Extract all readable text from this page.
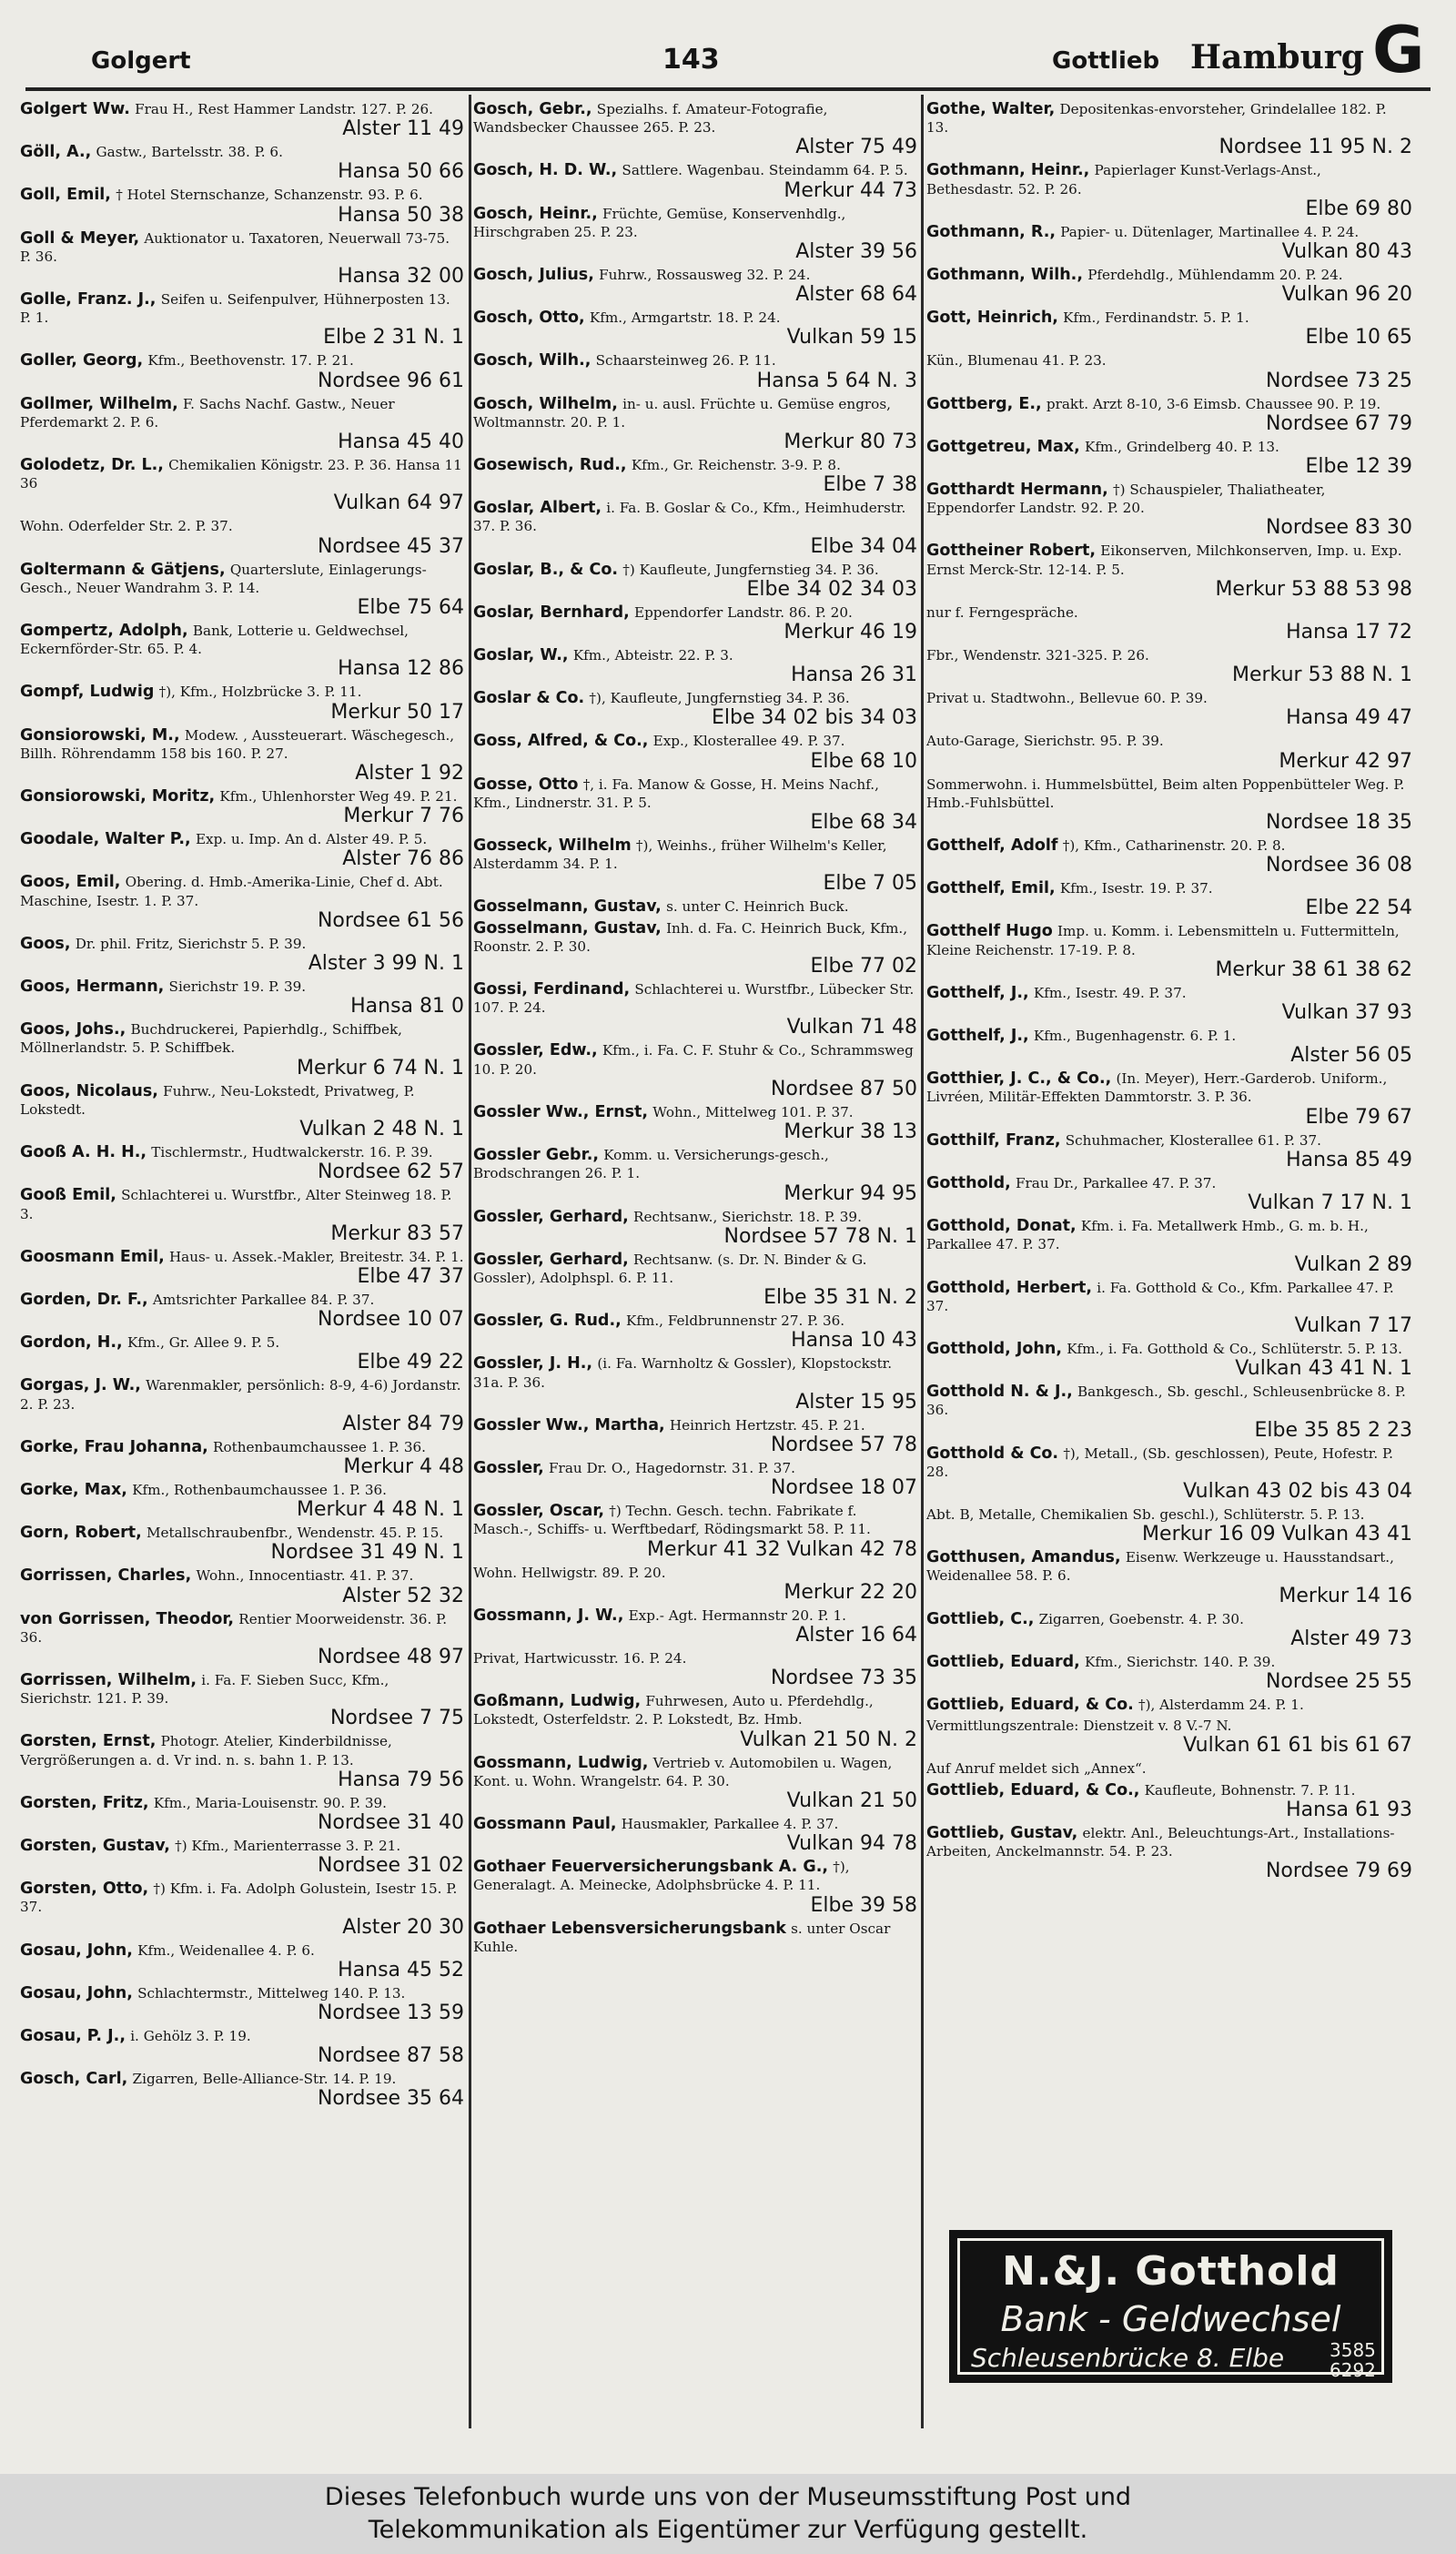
Golgert	143	Gottlieb Hamburg G
Golgert Ww. Frau H., Rest Hammer Landstr. 127. P. 26.
Alster 11 49
Göll, A., Gastw., Bartelsstr. 38. P. 6.
Hansa 50 66
Goll, Emil, † Hotel Sternschanze, Schanzenstr. 93. P. 6.
Hansa 50 38
Goll & Meyer, Auktionator u. Taxatoren, Neuerwall 73-75. P. 36.
Hansa 32 00
Golle, Franz. J., Seifen u. Seifenpulver, Hühnerposten 13. P. 1.
Elbe 2 31 N. 1
Goller, Georg, Kfm., Beethovenstr. 17. P. 21.
Nordsee 96 61
Gollmer, Wilhelm, F. Sachs Nachf. Gastw., Neuer Pferdemarkt 2. P. 6.
Hansa 45 40
Golodetz, Dr. L., Chemikalien Königstr. 23. P. 36. Hansa 11 36
Vulkan 64 97
Wohn. Oderfelder Str. 2. P. 37.
Nordsee 45 37
Goltermann & Gätjens, Quarterslute, Einlagerungs-Gesch., Neuer Wandrahm 3. P. 14.
Elbe 75 64
Gompertz, Adolph, Bank, Lotterie u. Geldwechsel, Eckernförder-Str. 65. P. 4.
Hansa 12 86
Gompf, Ludwig †), Kfm., Holzbrücke 3. P. 11.
Merkur 50 17
Gonsiorowski, M., Modew. , Aussteuerart. Wäschegesch., Billh. Röhrendamm 158 bis 160. P. 27.
Alster 1 92
Gonsiorowski, Moritz, Kfm., Uhlenhorster Weg 49. P. 21.
Merkur 7 76
Goodale, Walter P., Exp. u. Imp. An d. Alster 49. P. 5.
Alster 76 86
Goos, Emil, Obering. d. Hmb.-Amerika-Linie, Chef d. Abt. Maschine, Isestr. 1. P. 37.
Nordsee 61 56
Goos, Dr. phil. Fritz, Sierichstr 5. P. 39.
Alster 3 99 N. 1
Goos, Hermann, Sierichstr 19. P. 39.
Hansa 81 0
Goos, Johs., Buchdruckerei, Papierhdlg., Schiffbek, Möllnerlandstr. 5. P. Schiffbek.
Merkur 6 74 N. 1
Goos, Nicolaus, Fuhrw., Neu-Lokstedt, Privatweg, P. Lokstedt.
Vulkan 2 48 N. 1
Gooß A. H. H., Tischlermstr., Hudtwalckerstr. 16. P. 39.
Nordsee 62 57
Gooß Emil, Schlachterei u. Wurstfbr., Alter Steinweg 18. P. 3.
Merkur 83 57
Goosmann Emil, Haus- u. Assek.-Makler, Breitestr. 34. P. 1.
Elbe 47 37
Gorden, Dr. F., Amtsrichter Parkallee 84. P. 37.
Nordsee 10 07
Gordon, H., Kfm., Gr. Allee 9. P. 5.
Elbe 49 22
Gorgas, J. W., Warenmakler, persönlich: 8-9, 4-6) Jordanstr. 2. P. 23.
Alster 84 79
Gorke, Frau Johanna, Rothenbaumchaussee 1. P. 36.
Merkur 4 48
Gorke, Max, Kfm., Rothenbaumchaussee 1. P. 36.
Merkur 4 48 N. 1
Gorn, Robert, Metallschraubenfbr., Wendenstr. 45. P. 15.
Nordsee 31 49 N. 1
Gorrissen, Charles, Wohn., Innocentiastr. 41. P. 37.
Alster 52 32
von Gorrissen, Theodor, Rentier Moorweidenstr. 36. P. 36.
Nordsee 48 97
Gorrissen, Wilhelm, i. Fa. F. Sieben Succ, Kfm., Sierichstr. 121. P. 39.
Nordsee 7 75
Gorsten, Ernst, Photogr. Atelier, Kinderbildnisse, Vergrößerungen a. d. Vr ind. n. s. bahn 1. P. 13.
Hansa 79 56
Gorsten, Fritz, Kfm., Maria-Louisenstr. 90. P. 39.
Nordsee 31 40
Gorsten, Gustav, †) Kfm., Marienterrasse 3. P. 21.
Nordsee 31 02
Gorsten, Otto, †) Kfm. i. Fa. Adolph Golustein, Isestr 15. P. 37.
Alster 20 30
Gosau, John, Kfm., Weidenallee 4. P. 6.
Hansa 45 52
Gosau, John, Schlachtermstr., Mittelweg 140. P. 13.
Nordsee 13 59
Gosau, P. J., i. Gehölz 3. P. 19.
Nordsee 87 58
Gosch, Carl, Zigarren, Belle-Alliance-Str. 14. P. 19.
Nordsee 35 64
Gosch, Gebr., Spezialhs. f. Amateur-Fotografie, Wandsbecker Chaussee 265. P. 23.
Alster 75 49
Gosch, H. D. W., Sattlere. Wagenbau. Steindamm 64. P. 5.
Merkur 44 73
Gosch, Heinr., Früchte, Gemüse, Konservenhdlg., Hirschgraben 25. P. 23.
Alster 39 56
Gosch, Julius, Fuhrw., Rossausweg 32. P. 24.
Alster 68 64
Gosch, Otto, Kfm., Armgartstr. 18. P. 24.
Vulkan 59 15
Gosch, Wilh., Schaarsteinweg 26. P. 11.
Hansa 5 64 N. 3
Gosch, Wilhelm, in- u. ausl. Früchte u. Gemüse engros, Woltmannstr. 20. P. 1.
Merkur 80 73
Gosewisch, Rud., Kfm., Gr. Reichenstr. 3-9. P. 8.
Elbe 7 38
Goslar, Albert, i. Fa. B. Goslar & Co., Kfm., Heimhuderstr. 37. P. 36.
Elbe 34 04
Goslar, B., & Co. †) Kaufleute, Jungfernstieg 34. P. 36.
Elbe 34 02 34 03
Goslar, Bernhard, Eppendorfer Landstr. 86. P. 20.
Merkur 46 19
Goslar, W., Kfm., Abteistr. 22. P. 3.
Hansa 26 31
Goslar & Co. †), Kaufleute, Jungfernstieg 34. P. 36.
Elbe 34 02 bis 34 03
Goss, Alfred, & Co., Exp., Klosterallee 49. P. 37.
Elbe 68 10
Gosse, Otto †, i. Fa. Manow & Gosse, H. Meins Nachf., Kfm., Lindnerstr. 31. P. 5.
Elbe 68 34
Gosseck, Wilhelm †), Weinhs., früher Wilhelm's Keller, Alsterdamm 34. P. 1.
Elbe 7 05
Gosselmann, Gustav, s. unter C. Heinrich Buck.
Gosselmann, Gustav, Inh. d. Fa. C. Heinrich Buck, Kfm., Roonstr. 2. P. 30.
Elbe 77 02
Gossi, Ferdinand, Schlachterei u. Wurstfbr., Lübecker Str. 107. P. 24.
Vulkan 71 48
Gossler, Edw., Kfm., i. Fa. C. F. Stuhr & Co., Schrammsweg 10. P. 20.
Nordsee 87 50
Gossler Ww., Ernst, Wohn., Mittelweg 101. P. 37.
Merkur 38 13
Gossler Gebr., Komm. u. Versicherungs-gesch., Brodschrangen 26. P. 1.
Merkur 94 95
Gossler, Gerhard, Rechtsanw., Sierichstr. 18. P. 39.
Nordsee 57 78 N. 1
Gossler, Gerhard, Rechtsanw. (s. Dr. N. Binder & G. Gossler), Adolphspl. 6. P. 11.
Elbe 35 31 N. 2
Gossler, G. Rud., Kfm., Feldbrunnenstr 27. P. 36.
Hansa 10 43
Gossler, J. H., (i. Fa. Warnholtz & Gossler), Klopstockstr. 31a. P. 36.
Alster 15 95
Gossler Ww., Martha, Heinrich Hertzstr. 45. P. 21.
Nordsee 57 78
Gossler, Frau Dr. O., Hagedornstr. 31. P. 37.
Nordsee 18 07
Gossler, Oscar, †) Techn. Gesch. techn. Fabrikate f. Masch.-, Schiffs- u. Werftbedarf, Rödingsmarkt 58. P. 11.
Merkur 41 32 Vulkan 42 78
Wohn. Hellwigstr. 89. P. 20.
Merkur 22 20
Gossmann, J. W., Exp.- Agt. Hermannstr 20. P. 1.
Alster 16 64
Privat, Hartwicusstr. 16. P. 24.
Nordsee 73 35
Goßmann, Ludwig, Fuhrwesen, Auto u. Pferdehdlg., Lokstedt, Osterfeldstr. 2. P. Lokstedt, Bz. Hmb.
Vulkan 21 50 N. 2
Gossmann, Ludwig, Vertrieb v. Automobilen u. Wagen, Kont. u. Wohn. Wrangelstr. 64. P. 30.
Vulkan 21 50
Gossmann Paul, Hausmakler, Parkallee 4. P. 37.
Vulkan 94 78
Gothaer Feuerversicherungsbank A. G., †), Generalagt. A. Meinecke, Adolphsbrücke 4. P. 11.
Elbe 39 58
Gothaer Lebensversicherungsbank s. unter Oscar Kuhle.
Gothe, Walter, Depositenkas-envorsteher, Grindelallee 182. P. 13.
Nordsee 11 95 N. 2
Gothmann, Heinr., Papierlager Kunst-Verlags-Anst., Bethesdastr. 52. P. 26.
Elbe 69 80
Gothmann, R., Papier- u. Dütenlager, Martinallee 4. P. 24.
Vulkan 80 43
Gothmann, Wilh., Pferdehdlg., Mühlendamm 20. P. 24.
Vulkan 96 20
Gott, Heinrich, Kfm., Ferdinandstr. 5. P. 1.
Elbe 10 65
Kün., Blumenau 41. P. 23.
Nordsee 73 25
Gottberg, E., prakt. Arzt 8-10, 3-6 Eimsb. Chaussee 90. P. 19.
Nordsee 67 79
Gottgetreu, Max, Kfm., Grindelberg 40. P. 13.
Elbe 12 39
Gotthardt Hermann, †) Schauspieler, Thaliatheater, Eppendorfer Landstr. 92. P. 20.
Nordsee 83 30
Gottheiner Robert, Eikonserven, Milchkonserven, Imp. u. Exp. Ernst Merck-Str. 12-14. P. 5.
Merkur 53 88 53 98
nur f. Ferngespräche.
Hansa 17 72
Fbr., Wendenstr. 321-325. P. 26.
Merkur 53 88 N. 1
Privat u. Stadtwohn., Bellevue 60. P. 39.
Hansa 49 47
Auto-Garage, Sierichstr. 95. P. 39.
Merkur 42 97
Sommerwohn. i. Hummelsbüttel, Beim alten Poppenbütteler Weg. P. Hmb.-Fuhlsbüttel.
Nordsee 18 35
Gotthelf, Adolf †), Kfm., Catharinenstr. 20. P. 8.
Nordsee 36 08
Gotthelf, Emil, Kfm., Isestr. 19. P. 37.
Elbe 22 54
Gotthelf Hugo Imp. u. Komm. i. Lebensmitteln u. Futtermitteln, Kleine Reichenstr. 17-19. P. 8.
Merkur 38 61 38 62
Gotthelf, J., Kfm., Isestr. 49. P. 37.
Vulkan 37 93
Gotthelf, J., Kfm., Bugenhagenstr. 6. P. 1.
Alster 56 05
Gotthier, J. C., & Co., (In. Meyer), Herr.-Garderob. Uniform., Livréen, Militär-Effekten Dammtorstr. 3. P. 36.
Elbe 79 67
Gotthilf, Franz, Schuhmacher, Klosterallee 61. P. 37.
Hansa 85 49
Gotthold, Frau Dr., Parkallee 47. P. 37.
Vulkan 7 17 N. 1
Gotthold, Donat, Kfm. i. Fa. Metallwerk Hmb., G. m. b. H., Parkallee 47. P. 37.
Vulkan 2 89
Gotthold, Herbert, i. Fa. Gotthold & Co., Kfm. Parkallee 47. P. 37.
Vulkan 7 17
Gotthold, John, Kfm., i. Fa. Gotthold & Co., Schlüterstr. 5. P. 13.
Vulkan 43 41 N. 1
Gotthold N. & J., Bankgesch., Sb. geschl., Schleusenbrücke 8. P. 36.
Elbe 35 85 2 23
Gotthold & Co. †), Metall., (Sb. geschlossen), Peute, Hofestr. P. 28.
Vulkan 43 02 bis 43 04
Abt. B, Metalle, Chemikalien Sb. geschl.), Schlüterstr. 5. P. 13.
Merkur 16 09 Vulkan 43 41
Gotthusen, Amandus, Eisenw. Werkzeuge u. Hausstandsart., Weidenallee 58. P. 6.
Merkur 14 16
Gottlieb, C., Zigarren, Goebenstr. 4. P. 30.
Alster 49 73
Gottlieb, Eduard, Kfm., Sierichstr. 140. P. 39.
Nordsee 25 55
Gottlieb, Eduard, & Co. †), Alsterdamm 24. P. 1.
Vermittlungszentrale: Dienstzeit v. 8 V.-7 N.
Vulkan 61 61 bis 61 67
Auf Anruf meldet sich „Annex“.
Gottlieb, Eduard, & Co., Kaufleute, Bohnenstr. 7. P. 11.
Hansa 61 93
Gottlieb, Gustav, elektr. Anl., Beleuchtungs-Art., Installations-Arbeiten, Anckelmannstr. 54. P. 23.
Nordsee 79 69
N.&J. Gotthold
Bank - Geldwechsel
Schleusenbrücke 8. Elbe 3585
6292
Dieses Telefonbuch wurde uns von der Museumsstiftung Post und
Telekommunikation als Eigentümer zur Verfügung gestellt.
